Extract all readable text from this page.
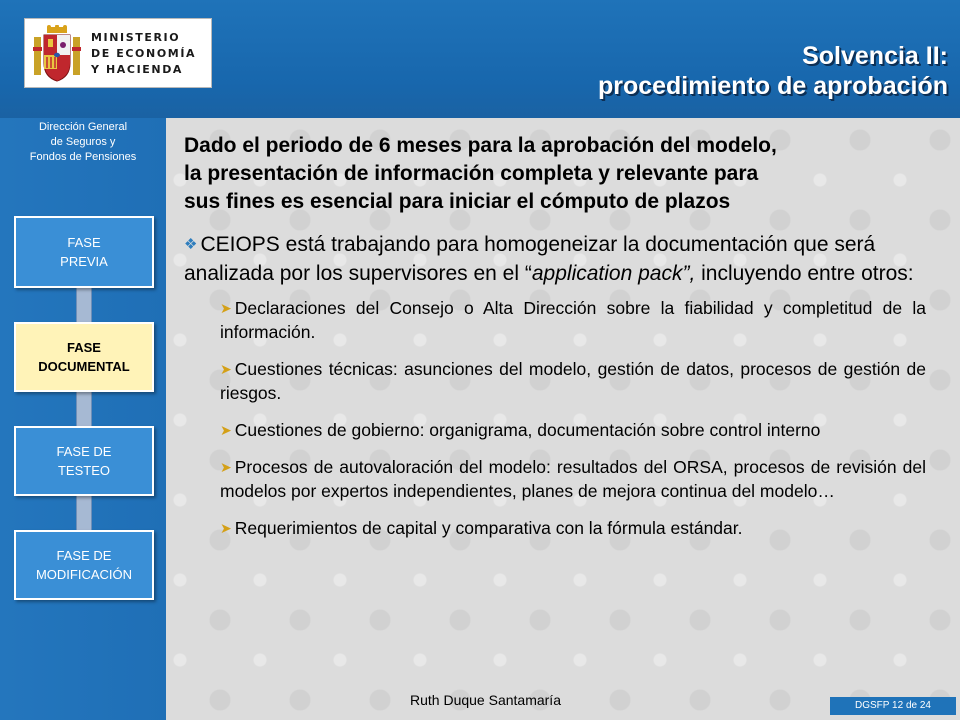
MINISTERIO
DE ECONOMÍA
Y HACIENDA	Solvencia II:
procedimiento de aprobación
Dirección General
de Seguros y
Fondos de Pensiones
FASE
PREVIA
FASE
DOCUMENTAL
FASE DE
TESTEO
FASE DE
MODIFICACIÓN
Dado el periodo de 6 meses para la aprobación del modelo,
la presentación de información completa y relevante para
sus fines es esencial para iniciar el cómputo de plazos
❖ CEIOPS está trabajando para homogeneizar la documentación que será analizada por los supervisores en el “application pack”, incluyendo entre otros:
➤ Declaraciones del Consejo o Alta Dirección sobre la fiabilidad y completitud de la información.
➤ Cuestiones técnicas: asunciones del modelo, gestión de datos, procesos de gestión de riesgos.
➤ Cuestiones de gobierno: organigrama, documentación sobre control interno
➤ Procesos de autovaloración del modelo: resultados del ORSA, procesos de revisión del modelos por expertos independientes, planes de mejora continua del modelo…
➤ Requerimientos de capital y comparativa con la fórmula estándar.
Ruth Duque Santamaría	DGSFP 12 de 24
